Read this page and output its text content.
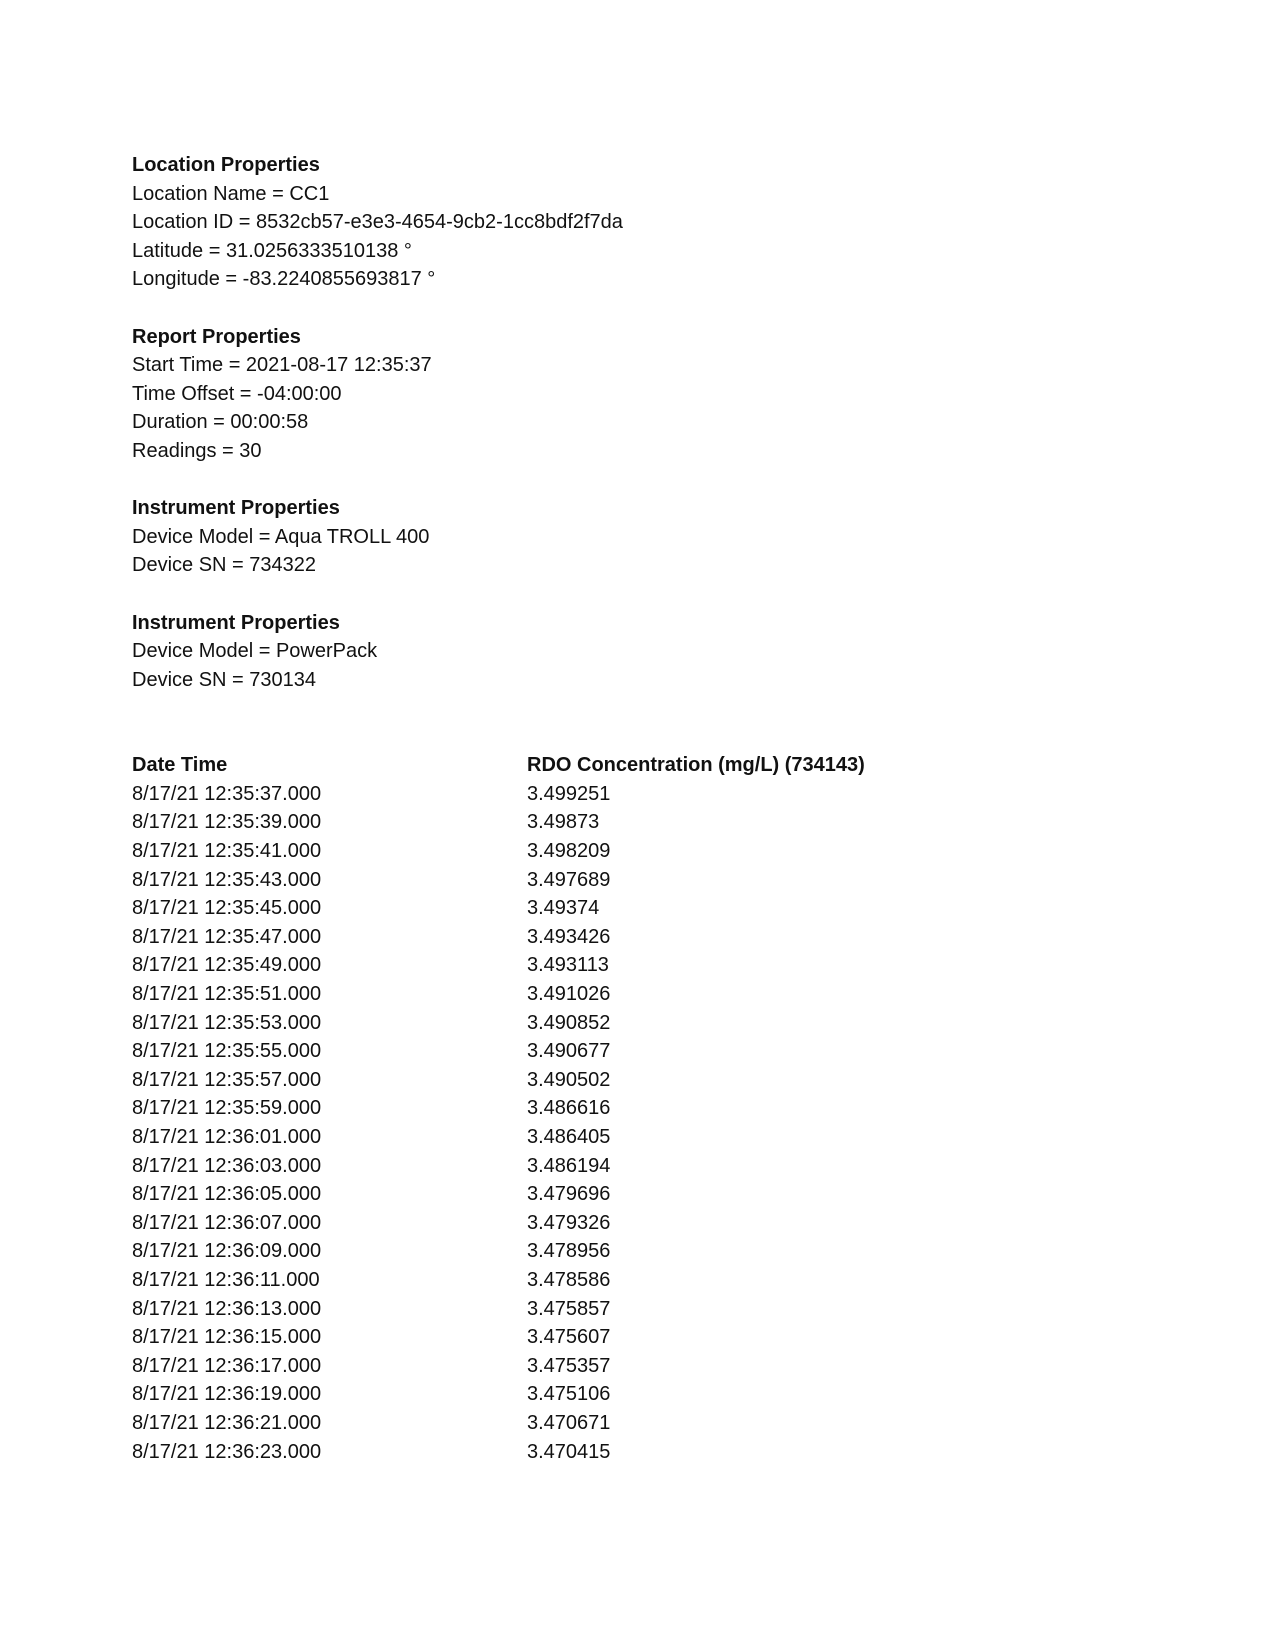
Location Properties
Location Name = CC1
Location ID = 8532cb57-e3e3-4654-9cb2-1cc8bdf2f7da
Latitude = 31.0256333510138 °
Longitude = -83.2240855693817 °
Report Properties
Start Time = 2021-08-17 12:35:37
Time Offset = -04:00:00
Duration = 00:00:58
Readings = 30
Instrument Properties
Device Model = Aqua TROLL 400
Device SN = 734322
Instrument Properties
Device Model = PowerPack
Device SN = 730134
Date Time	RDO Concentration (mg/L) (734143)
8/17/21 12:35:37.000	3.499251
8/17/21 12:35:39.000	3.49873
8/17/21 12:35:41.000	3.498209
8/17/21 12:35:43.000	3.497689
8/17/21 12:35:45.000	3.49374
8/17/21 12:35:47.000	3.493426
8/17/21 12:35:49.000	3.493113
8/17/21 12:35:51.000	3.491026
8/17/21 12:35:53.000	3.490852
8/17/21 12:35:55.000	3.490677
8/17/21 12:35:57.000	3.490502
8/17/21 12:35:59.000	3.486616
8/17/21 12:36:01.000	3.486405
8/17/21 12:36:03.000	3.486194
8/17/21 12:36:05.000	3.479696
8/17/21 12:36:07.000	3.479326
8/17/21 12:36:09.000	3.478956
8/17/21 12:36:11.000	3.478586
8/17/21 12:36:13.000	3.475857
8/17/21 12:36:15.000	3.475607
8/17/21 12:36:17.000	3.475357
8/17/21 12:36:19.000	3.475106
8/17/21 12:36:21.000	3.470671
8/17/21 12:36:23.000	3.470415
